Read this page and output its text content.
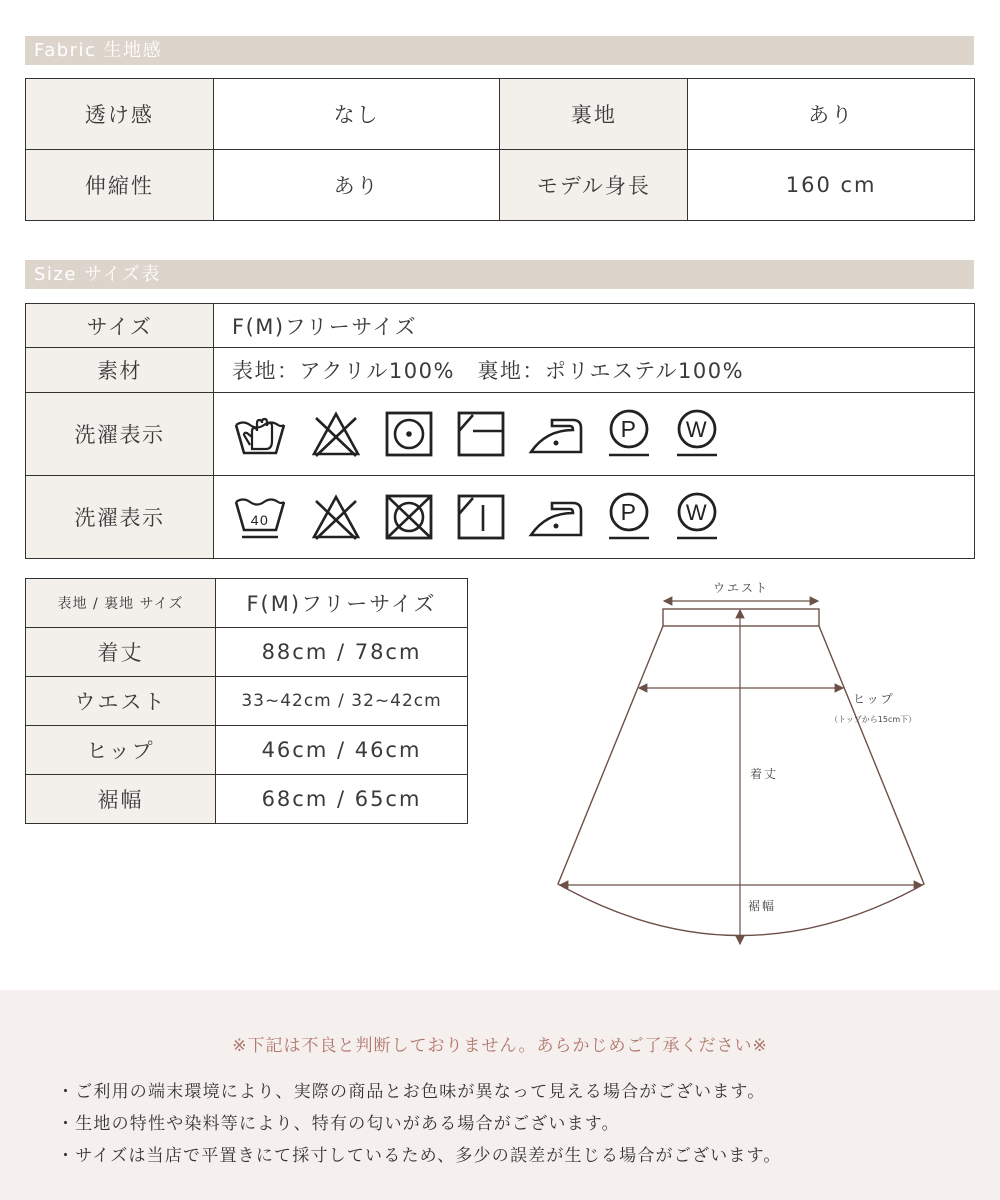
Fabric 生地感
透け感	なし	裏地	あり
伸縮性	あり	モデル身長	160 cm
Size サイズ表
サイズ	F(M)フリーサイズ
素材	表地：アクリル100%　裏地：ポリエステル100%
洗濯表示	P W

洗濯表示	40 P W
表地 / 裏地 サイズ	F(M)フリーサイズ
着丈	88cm / 78cm
ウエスト	33~42cm / 32~42cm
ヒップ	46cm / 46cm
裾幅	68cm / 65cm
ウエスト
ヒップ
（トップから15cm下）
着丈
裾幅
※下記は不良と判断しておりません。あらかじめご了承ください※
・ご利用の端末環境により、実際の商品とお色味が異なって見える場合がございます。
・生地の特性や染料等により、特有の匂いがある場合がございます。
・サイズは当店で平置きにて採寸しているため、多少の誤差が生じる場合がございます。
